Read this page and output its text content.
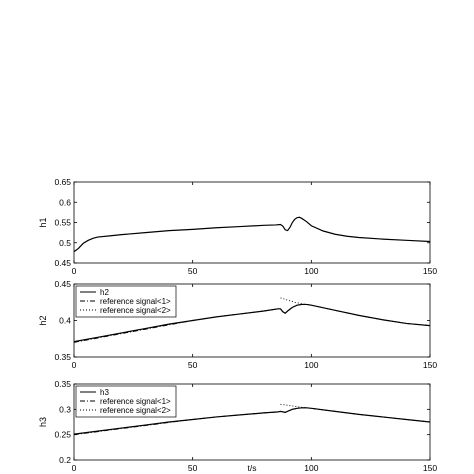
0	50	100	150
0.45
0.5
0.55
0.6
0.65
h1
0	50	100	150
0.35
0.4
0.45
h2
h2
reference signal<1>
reference signal<2>
0	50	100	150
0.2
0.25
0.3
0.35
h3
t/s
h3
reference signal<1>
reference signal<2>
